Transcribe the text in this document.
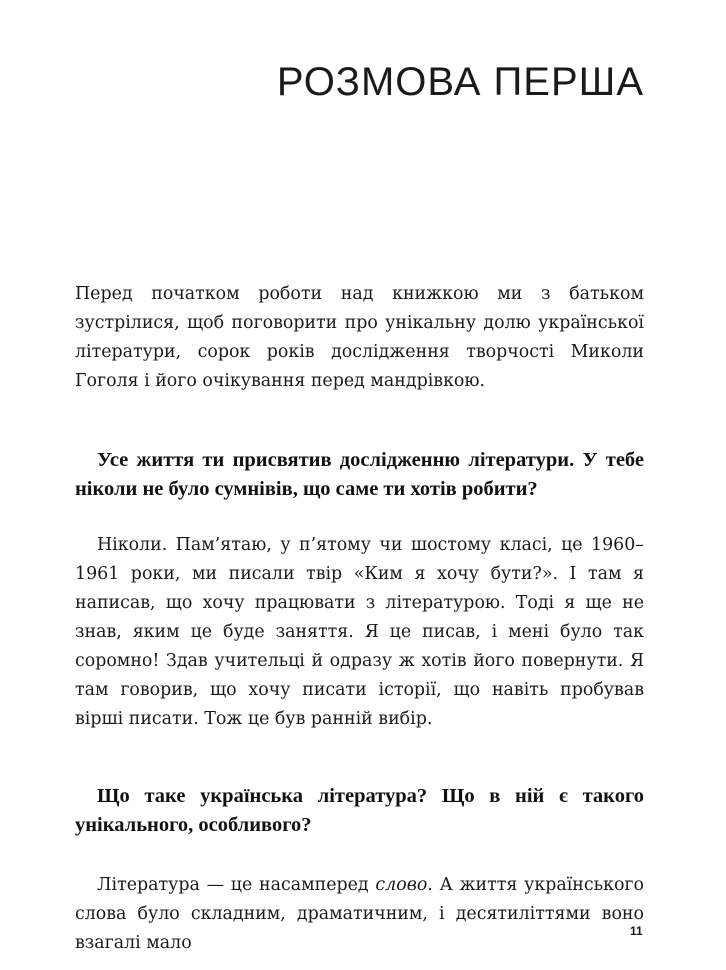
РОЗМОВА ПЕРША

Перед початком роботи над книжкою ми з батьком зустрілися, щоб поговорити про унікальну долю української літератури, сорок років дослідження творчості Миколи Гоголя і його очікування перед мандрівкою.

Усе життя ти присвятив дослідженню літератури. У тебе ніколи не було сумнівів, що саме ти хотів робити?

Ніколи. Пам’ятаю, у п’ятому чи шостому класі, це 1960–1961 роки, ми писали твір «Ким я хочу бути?». І там я написав, що хочу працювати з літературою. Тоді я ще не знав, яким це буде заняття. Я це писав, і мені було так соромно! Здав учительці й одразу ж хотів його повернути. Я там говорив, що хочу писати історії, що навіть пробував вірші писати. Тож це був ранній вибір.

Що таке українська література? Що в ній є такого унікального, особливого?

Література — це насамперед слово. А життя українського слова було складним, драматичним, і десятиліттями воно взагалі мало

11
